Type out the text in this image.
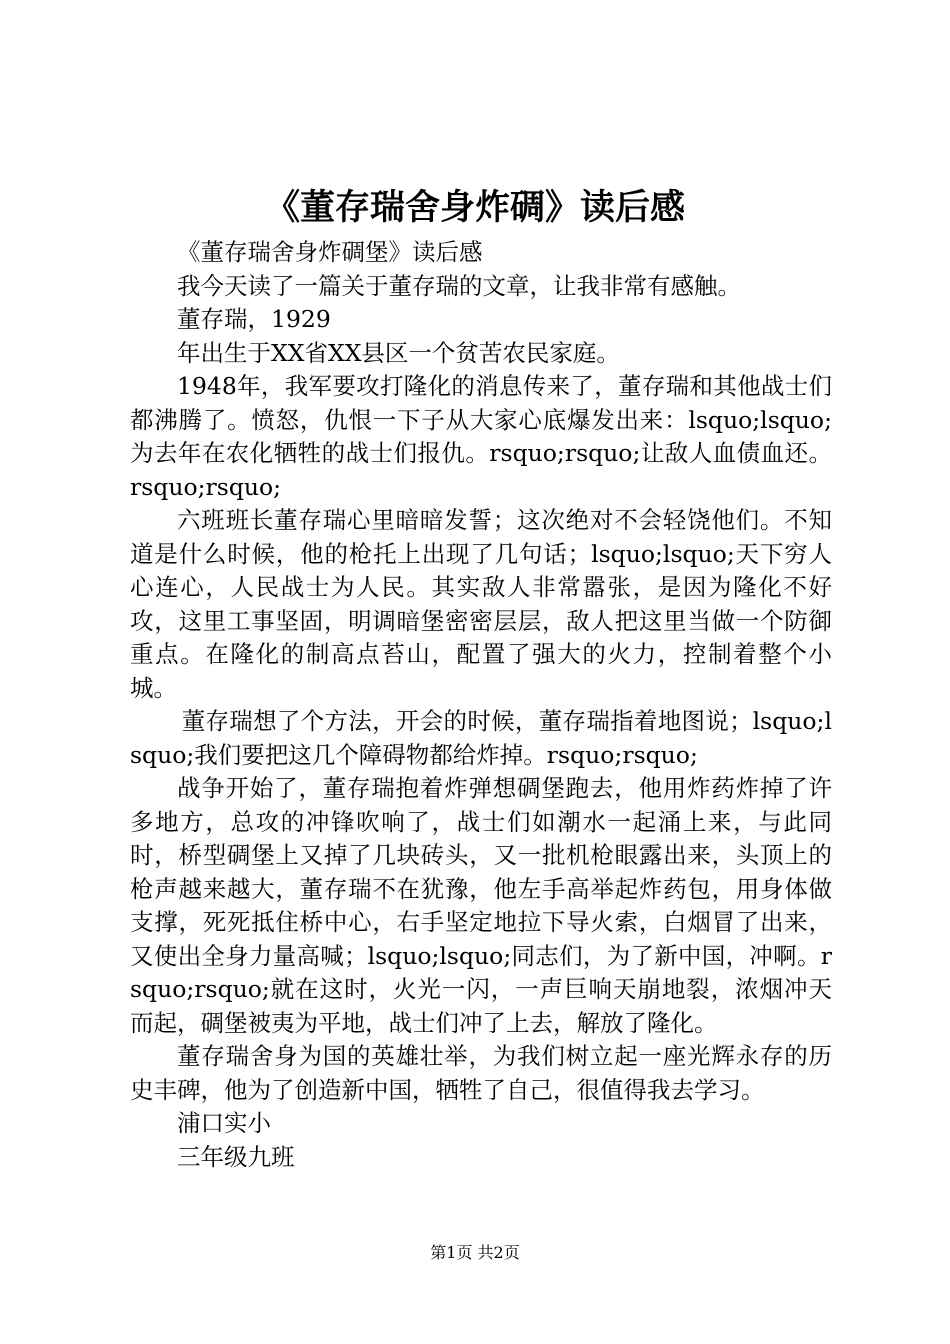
《董存瑞舍身炸碉》读后感

《董存瑞舍身炸碉堡》读后感

我今天读了一篇关于董存瑞的文章，让我非常有感触。

董存瑞，1929

年出生于XX省XX县区一个贫苦农民家庭。

1948年，我军要攻打隆化的消息传来了，董存瑞和其他战士们都沸腾了。愤怒，仇恨一下子从大家心底爆发出来：lsquo;lsquo;为去年在农化牺牲的战士们报仇。rsquo;rsquo;让敌人血债血还。rsquo;rsquo;

六班班长董存瑞心里暗暗发誓；这次绝对不会轻饶他们。不知道是什么时候，他的枪托上出现了几句话；lsquo;lsquo;天下穷人心连心，人民战士为人民。其实敌人非常嚣张，是因为隆化不好攻，这里工事坚固，明调暗堡密密层层，敌人把这里当做一个防御重点。在隆化的制高点苔山，配置了强大的火力，控制着整个小城。

董存瑞想了个方法，开会的时候，董存瑞指着地图说；lsquo;lsquo;我们要把这几个障碍物都给炸掉。rsquo;rsquo;

战争开始了，董存瑞抱着炸弹想碉堡跑去，他用炸药炸掉了许多地方，总攻的冲锋吹响了，战士们如潮水一起涌上来，与此同时，桥型碉堡上又掉了几块砖头，又一批机枪眼露出来，头顶上的枪声越来越大，董存瑞不在犹豫，他左手高举起炸药包，用身体做支撑，死死抵住桥中心，右手坚定地拉下导火索，白烟冒了出来，又使出全身力量高喊；lsquo;lsquo;同志们，为了新中国，冲啊。rsquo;rsquo;就在这时，火光一闪，一声巨响天崩地裂，浓烟冲天而起，碉堡被夷为平地，战士们冲了上去，解放了隆化。

董存瑞舍身为国的英雄壮举，为我们树立起一座光辉永存的历史丰碑，他为了创造新中国，牺牲了自己，很值得我去学习。

浦口实小

三年级九班

第1页 共2页
